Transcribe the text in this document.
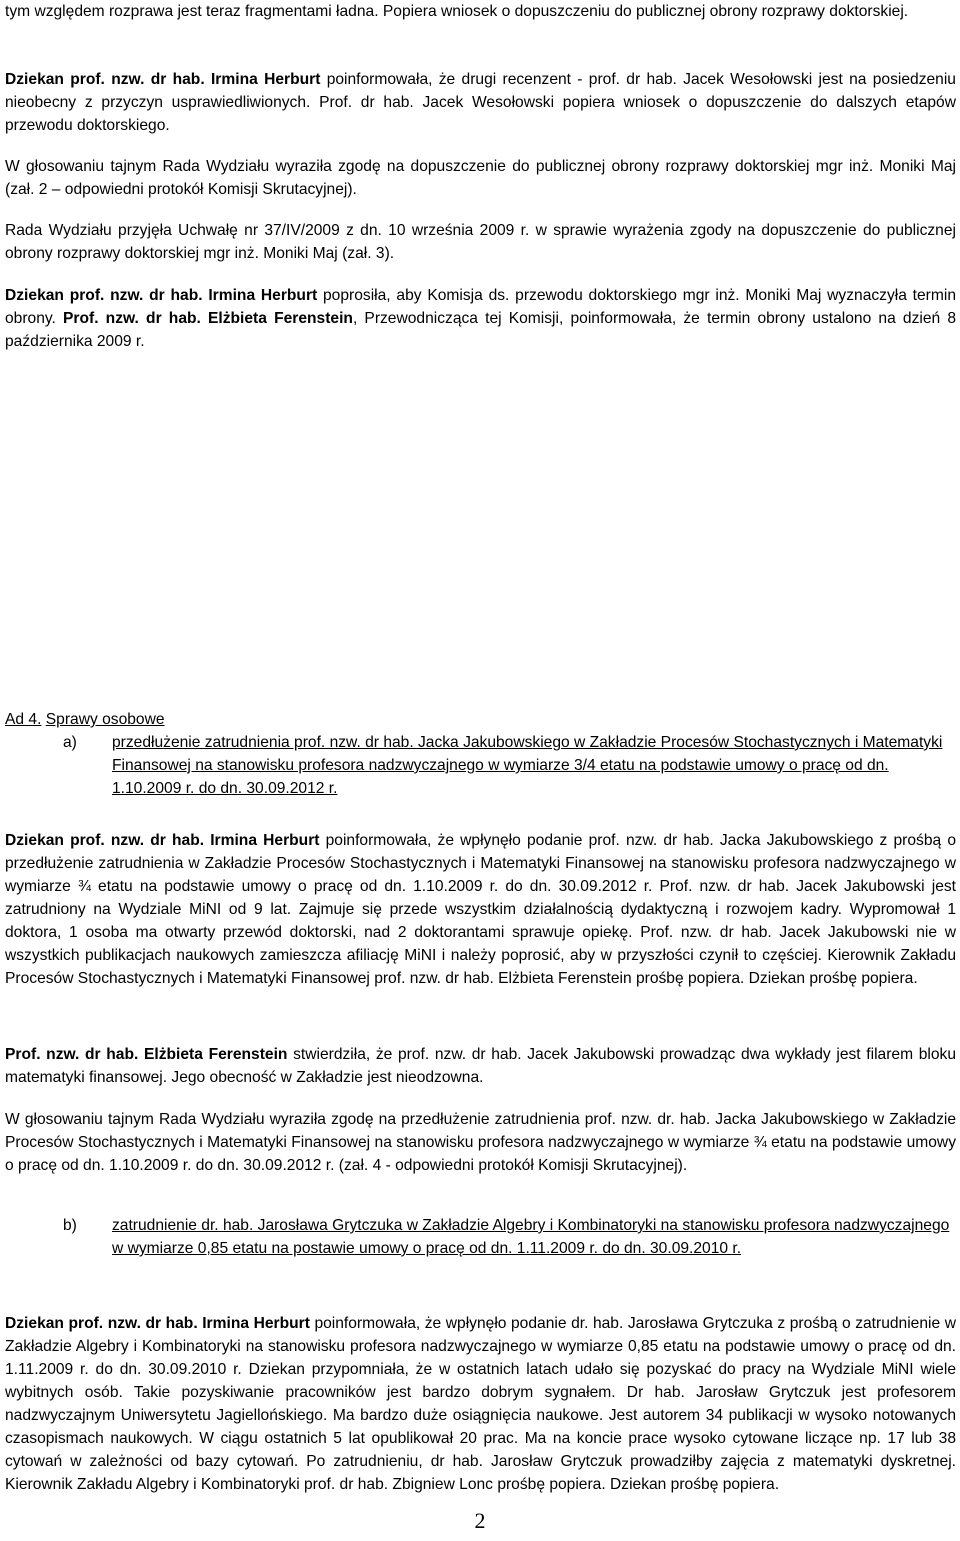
tym względem rozprawa jest teraz fragmentami ładna. Popiera wniosek o dopuszczeniu do publicznej obrony rozprawy doktorskiej.

Dziekan prof. nzw. dr hab. Irmina Herburt poinformowała, że drugi recenzent - prof. dr hab. Jacek Wesołowski jest na posiedzeniu nieobecny z przyczyn usprawiedliwionych. Prof. dr hab. Jacek Wesołowski popiera wniosek o dopuszczenie do dalszych etapów przewodu doktorskiego.

W głosowaniu tajnym Rada Wydziału wyraziła zgodę na dopuszczenie do publicznej obrony rozprawy doktorskiej mgr inż. Moniki Maj (zał. 2 – odpowiedni protokół Komisji Skrutacyjnej).

Rada Wydziału przyjęła Uchwałę nr 37/IV/2009 z dn. 10 września 2009 r. w sprawie wyrażenia zgody na dopuszczenie do publicznej obrony rozprawy doktorskiej mgr inż. Moniki Maj (zał. 3).

Dziekan prof. nzw. dr hab. Irmina Herburt poprosiła, aby Komisja ds. przewodu doktorskiego mgr inż. Moniki Maj wyznaczyła termin obrony. Prof. nzw. dr hab. Elżbieta Ferenstein, Przewodnicząca tej Komisji, poinformowała, że termin obrony ustalono na dzień 8 października 2009 r.

Ad 4. Sprawy osobowe

a) przedłużenie zatrudnienia prof. nzw. dr hab. Jacka Jakubowskiego w Zakładzie Procesów Stochastycznych i Matematyki Finansowej na stanowisku profesora nadzwyczajnego w wymiarze 3/4 etatu na podstawie umowy o pracę od dn. 1.10.2009 r. do dn. 30.09.2012 r.

Dziekan prof. nzw. dr hab. Irmina Herburt poinformowała, że wpłynęło podanie prof. nzw. dr hab. Jacka Jakubowskiego z prośbą o przedłużenie zatrudnienia w Zakładzie Procesów Stochastycznych i Matematyki Finansowej na stanowisku profesora nadzwyczajnego w wymiarze ¾ etatu na podstawie umowy o pracę od dn. 1.10.2009 r. do dn. 30.09.2012 r. Prof. nzw. dr hab. Jacek Jakubowski jest zatrudniony na Wydziale MiNI od 9 lat. Zajmuje się przede wszystkim działalnością dydaktyczną i rozwojem kadry. Wypromował 1 doktora, 1 osoba ma otwarty przewód doktorski, nad 2 doktorantami sprawuje opiekę. Prof. nzw. dr hab. Jacek Jakubowski nie w wszystkich publikacjach naukowych zamieszcza afiliację MiNI i należy poprosić, aby w przyszłości czynił to częściej. Kierownik Zakładu Procesów Stochastycznych i Matematyki Finansowej prof. nzw. dr hab. Elżbieta Ferenstein prośbę popiera. Dziekan prośbę popiera.

Prof. nzw. dr hab. Elżbieta Ferenstein stwierdziła, że prof. nzw. dr hab. Jacek Jakubowski prowadząc dwa wykłady jest filarem bloku matematyki finansowej. Jego obecność w Zakładzie jest nieodzowna.

W głosowaniu tajnym Rada Wydziału wyraziła zgodę na przedłużenie zatrudnienia prof. nzw. dr. hab. Jacka Jakubowskiego w Zakładzie Procesów Stochastycznych i Matematyki Finansowej na stanowisku profesora nadzwyczajnego w wymiarze ¾ etatu na podstawie umowy o pracę od dn. 1.10.2009 r. do dn. 30.09.2012 r. (zał. 4 - odpowiedni protokół Komisji Skrutacyjnej).

b) zatrudnienie dr. hab. Jarosława Grytczuka w Zakładzie Algebry i Kombinatoryki na stanowisku profesora nadzwyczajnego w wymiarze 0,85 etatu na postawie umowy o pracę od dn. 1.11.2009 r. do dn. 30.09.2010 r.

Dziekan prof. nzw. dr hab. Irmina Herburt poinformowała, że wpłynęło podanie dr. hab. Jarosława Grytczuka z prośbą o zatrudnienie w Zakładzie Algebry i Kombinatoryki na stanowisku profesora nadzwyczajnego w wymiarze 0,85 etatu na podstawie umowy o pracę od dn. 1.11.2009 r. do dn. 30.09.2010 r. Dziekan przypomniała, że w ostatnich latach udało się pozyskać do pracy na Wydziale MiNI wiele wybitnych osób. Takie pozyskiwanie pracowników jest bardzo dobrym sygnałem. Dr hab. Jarosław Grytczuk jest profesorem nadzwyczajnym Uniwersytetu Jagiellońskiego. Ma bardzo duże osiągnięcia naukowe. Jest autorem 34 publikacji w wysoko notowanych czasopismach naukowych. W ciągu ostatnich 5 lat opublikował 20 prac. Ma na koncie prace wysoko cytowane liczące np. 17 lub 38 cytowań w zależności od bazy cytowań. Po zatrudnieniu, dr hab. Jarosław Grytczuk prowadziłby zajęcia z matematyki dyskretnej. Kierownik Zakładu Algebry i Kombinatoryki prof. dr hab. Zbigniew Lonc prośbę popiera. Dziekan prośbę popiera.

2
